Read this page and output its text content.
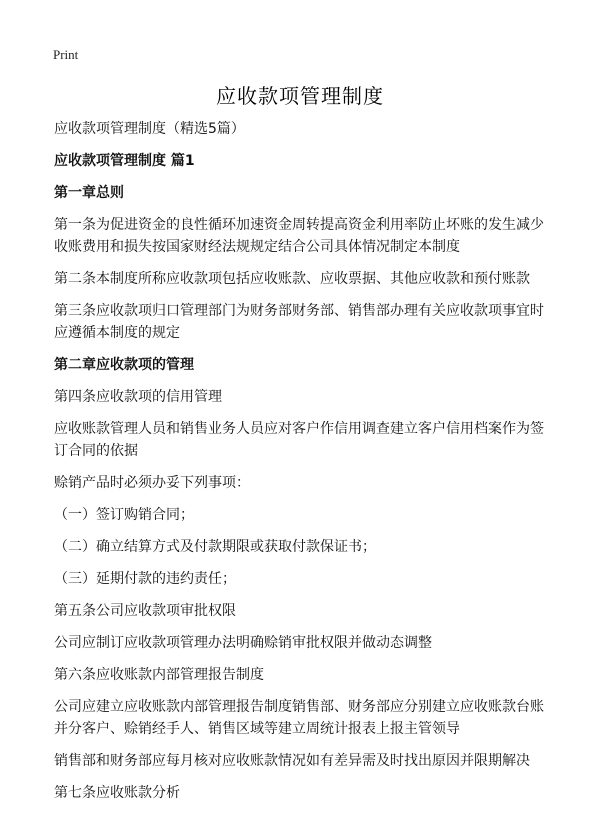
Print
应收款项管理制度

应收款项管理制度（精选5篇）

应收款项管理制度 篇1

第一章总则

第一条为促进资金的良性循环加速资金周转提高资金利用率防止坏账的发生减少收账费用和损失按国家财经法规规定结合公司具体情况制定本制度

第二条本制度所称应收款项包括应收账款、应收票据、其他应收款和预付账款

第三条应收款项归口管理部门为财务部财务部、销售部办理有关应收款项事宜时应遵循本制度的规定

第二章应收款项的管理

第四条应收款项的信用管理

应收账款管理人员和销售业务人员应对客户作信用调查建立客户信用档案作为签订合同的依据

赊销产品时必须办妥下列事项：

（一）签订购销合同；

（二）确立结算方式及付款期限或获取付款保证书；

（三）延期付款的违约责任；

第五条公司应收款项审批权限

公司应制订应收款项管理办法明确赊销审批权限并做动态调整

第六条应收账款内部管理报告制度

公司应建立应收账款内部管理报告制度销售部、财务部应分别建立应收账款台账并分客户、赊销经手人、销售区域等建立周统计报表上报主管领导

销售部和财务部应每月核对应收账款情况如有差异需及时找出原因并限期解决

第七条应收账款分析
